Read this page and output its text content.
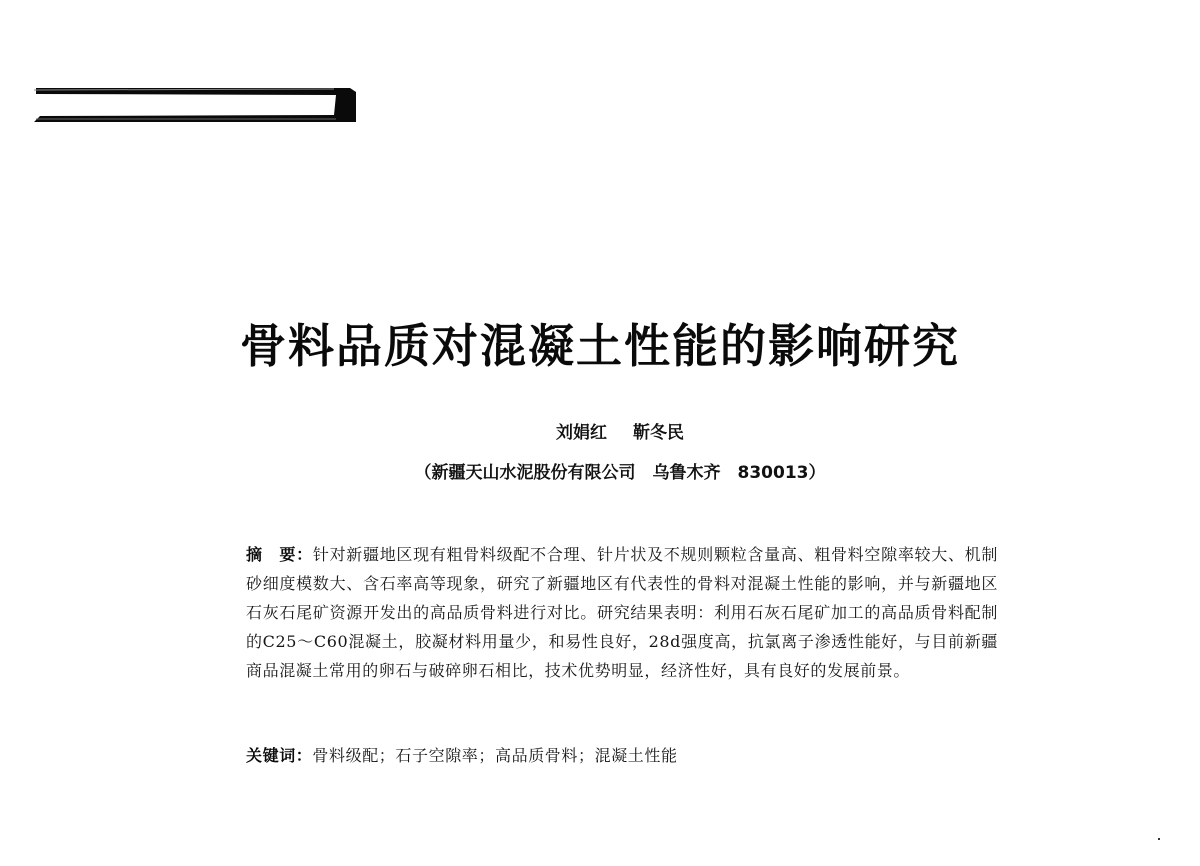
骨料品质对混凝土性能的影响研究
刘娟红 靳冬民
（新疆天山水泥股份有限公司　乌鲁木齐　830013）
摘　要：针对新疆地区现有粗骨料级配不合理、针片状及不规则颗粒含量高、粗骨料空隙率较大、机制砂细度模数大、含石率高等现象，研究了新疆地区有代表性的骨料对混凝土性能的影响，并与新疆地区石灰石尾矿资源开发出的高品质骨料进行对比。研究结果表明：利用石灰石尾矿加工的高品质骨料配制的C25～C60混凝土，胶凝材料用量少，和易性良好，28d强度高，抗氯离子渗透性能好，与目前新疆商品混凝土常用的卵石与破碎卵石相比，技术优势明显，经济性好，具有良好的发展前景。
关键词：骨料级配；石子空隙率；高品质骨料；混凝土性能
